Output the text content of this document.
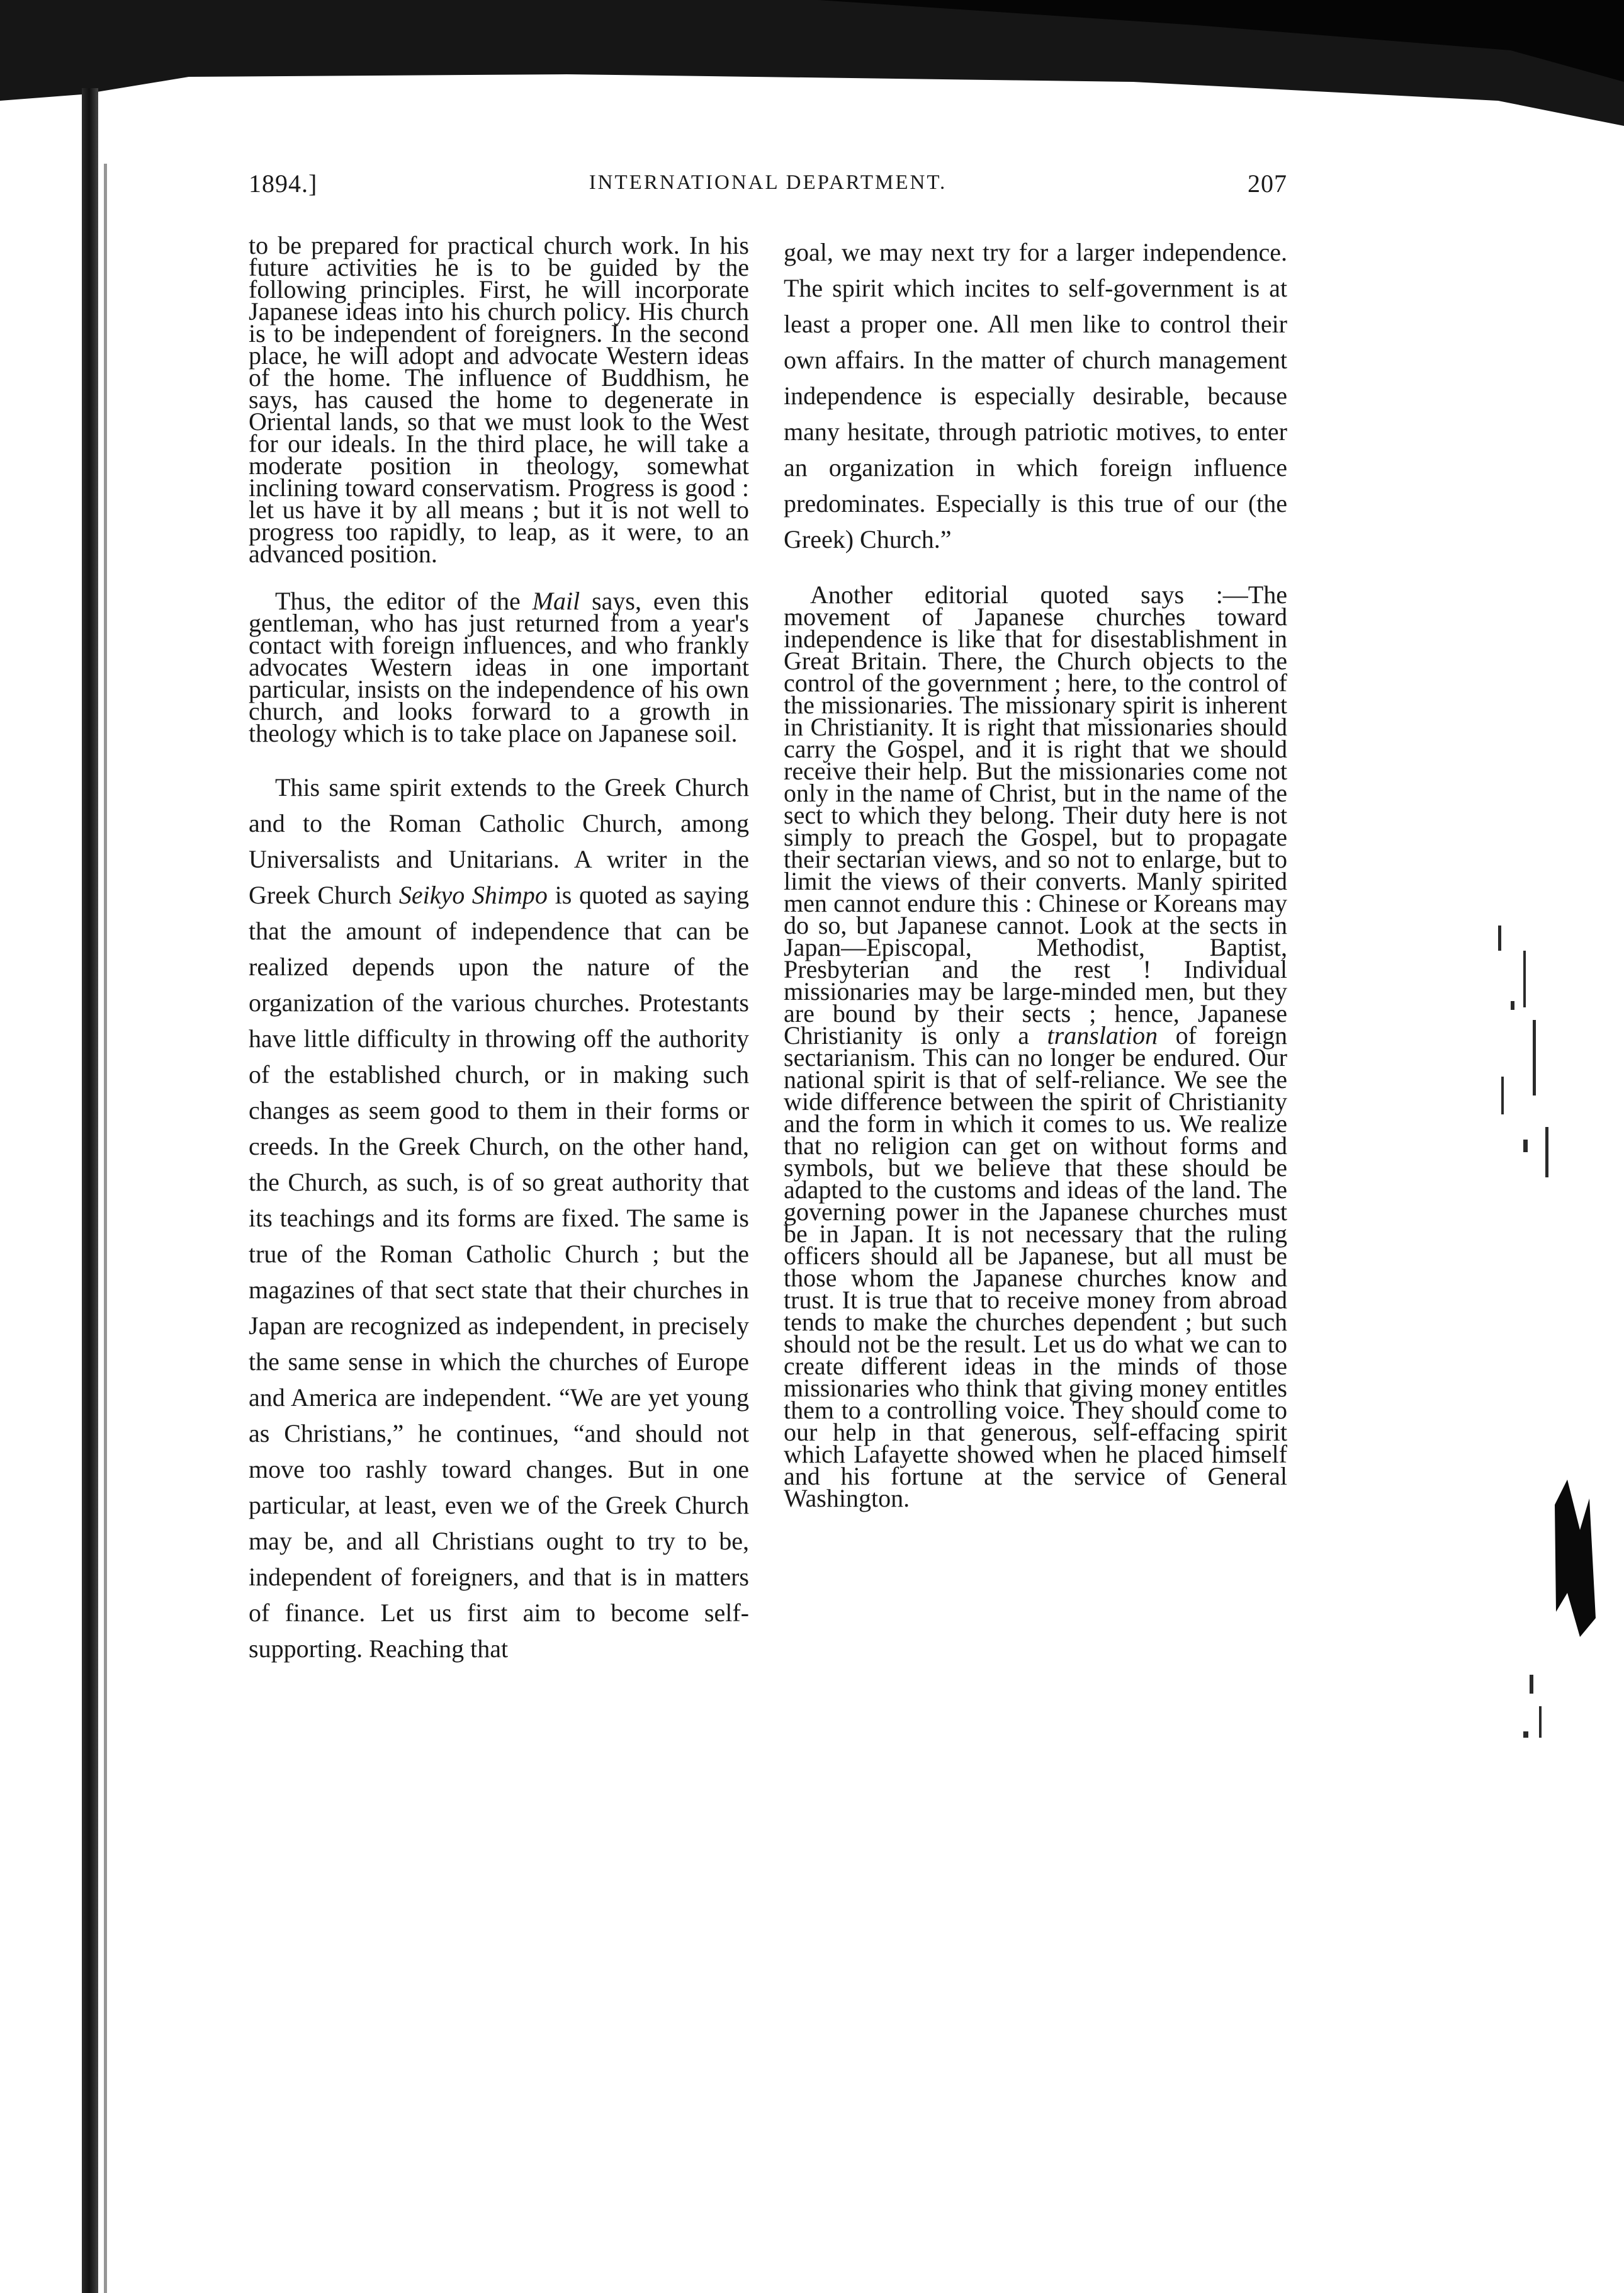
1894.]	INTERNATIONAL DEPARTMENT.	207

to be prepared for practical church work. In his future activities he is to be guided by the following principles. First, he will incorporate Japanese ideas into his church policy. His church is to be independent of foreigners. In the second place, he will adopt and advocate Western ideas of the home. The influence of Buddhism, he says, has caused the home to degenerate in Oriental lands, so that we must look to the West for our ideals. In the third place, he will take a moderate position in theology, somewhat inclining toward conservatism. Progress is good : let us have it by all means ; but it is not well to progress too rapidly, to leap, as it were, to an advanced position.

Thus, the editor of the Mail says, even this gentleman, who has just returned from a year's contact with foreign influences, and who frankly advocates Western ideas in one important particular, insists on the independence of his own church, and looks forward to a growth in theology which is to take place on Japanese soil.

This same spirit extends to the Greek Church and to the Roman Catholic Church, among Universalists and Unitarians. A writer in the Greek Church Seikyo Shimpo is quoted as saying that the amount of independence that can be realized depends upon the nature of the organization of the various churches. Protestants have little difficulty in throwing off the authority of the established church, or in making such changes as seem good to them in their forms or creeds. In the Greek Church, on the other hand, the Church, as such, is of so great authority that its teachings and its forms are fixed. The same is true of the Roman Catholic Church ; but the magazines of that sect state that their churches in Japan are recognized as independent, in precisely the same sense in which the churches of Europe and America are independent. “We are yet young as Christians,” he continues, “and should not move too rashly toward changes. But in one particular, at least, even we of the Greek Church may be, and all Christians ought to try to be, independent of foreigners, and that is in matters of finance. Let us first aim to become self-supporting. Reaching that

goal, we may next try for a larger independence. The spirit which incites to self-government is at least a proper one. All men like to control their own affairs. In the matter of church management independence is especially desirable, because many hesitate, through patriotic motives, to enter an organization in which foreign influence predominates. Especially is this true of our (the Greek) Church.”

Another editorial quoted says :—The movement of Japanese churches toward independence is like that for disestablishment in Great Britain. There, the Church objects to the control of the government ; here, to the control of the missionaries. The missionary spirit is inherent in Christianity. It is right that missionaries should carry the Gospel, and it is right that we should receive their help. But the missionaries come not only in the name of Christ, but in the name of the sect to which they belong. Their duty here is not simply to preach the Gospel, but to propagate their sectarian views, and so not to enlarge, but to limit the views of their converts. Manly spirited men cannot endure this : Chinese or Koreans may do so, but Japanese cannot. Look at the sects in Japan—Episcopal, Methodist, Baptist, Presbyterian and the rest ! Individual missionaries may be large-minded men, but they are bound by their sects ; hence, Japanese Christianity is only a translation of foreign sectarianism. This can no longer be endured. Our national spirit is that of self-reliance. We see the wide difference between the spirit of Christianity and the form in which it comes to us. We realize that no religion can get on without forms and symbols, but we believe that these should be adapted to the customs and ideas of the land. The governing power in the Japanese churches must be in Japan. It is not necessary that the ruling officers should all be Japanese, but all must be those whom the Japanese churches know and trust. It is true that to receive money from abroad tends to make the churches dependent ; but such should not be the result. Let us do what we can to create different ideas in the minds of those missionaries who think that giving money entitles them to a controlling voice. They should come to our help in that generous, self-effacing spirit which Lafayette showed when he placed himself and his fortune at the service of General Washington.
